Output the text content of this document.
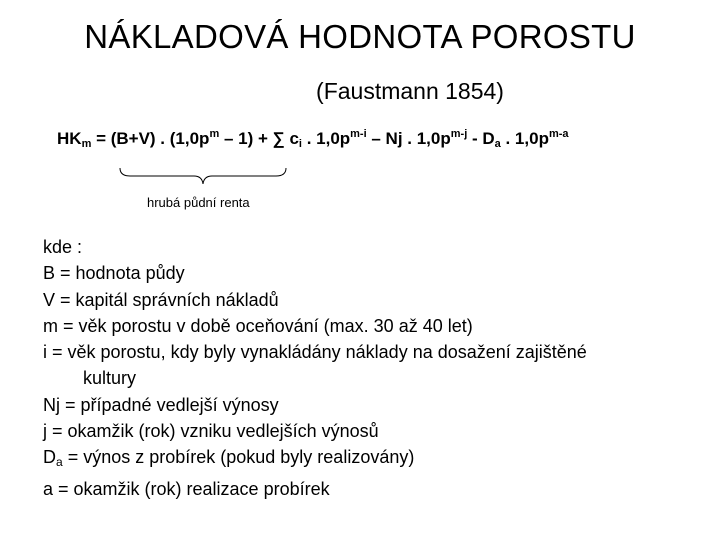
NÁKLADOVÁ HODNOTA POROSTU
(Faustmann 1854)
$HK_m = (B+V)$ . $(1,0p^m - 1)$ + ∑ $c_i$ . $1,0p^{m-i}$ – Nj . $1,0p^{m-j} - D_a$ . $1,0p^{m-a}$
hrubá půdní renta
kde :
B = hodnota půdy
V = kapitál správních nákladů
m = věk porostu v době oceňování (max. 30 až 40 let)
i = věk porostu, kdy byly vynakládány náklady na dosažení zajištěné
kultury
Nj = případné vedlejší výnosy
j = okamžik (rok) vzniku vedlejších výnosů
$D_a$ = výnos z probírek (pokud byly realizovány)
a = okamžik (rok) realizace probírek
